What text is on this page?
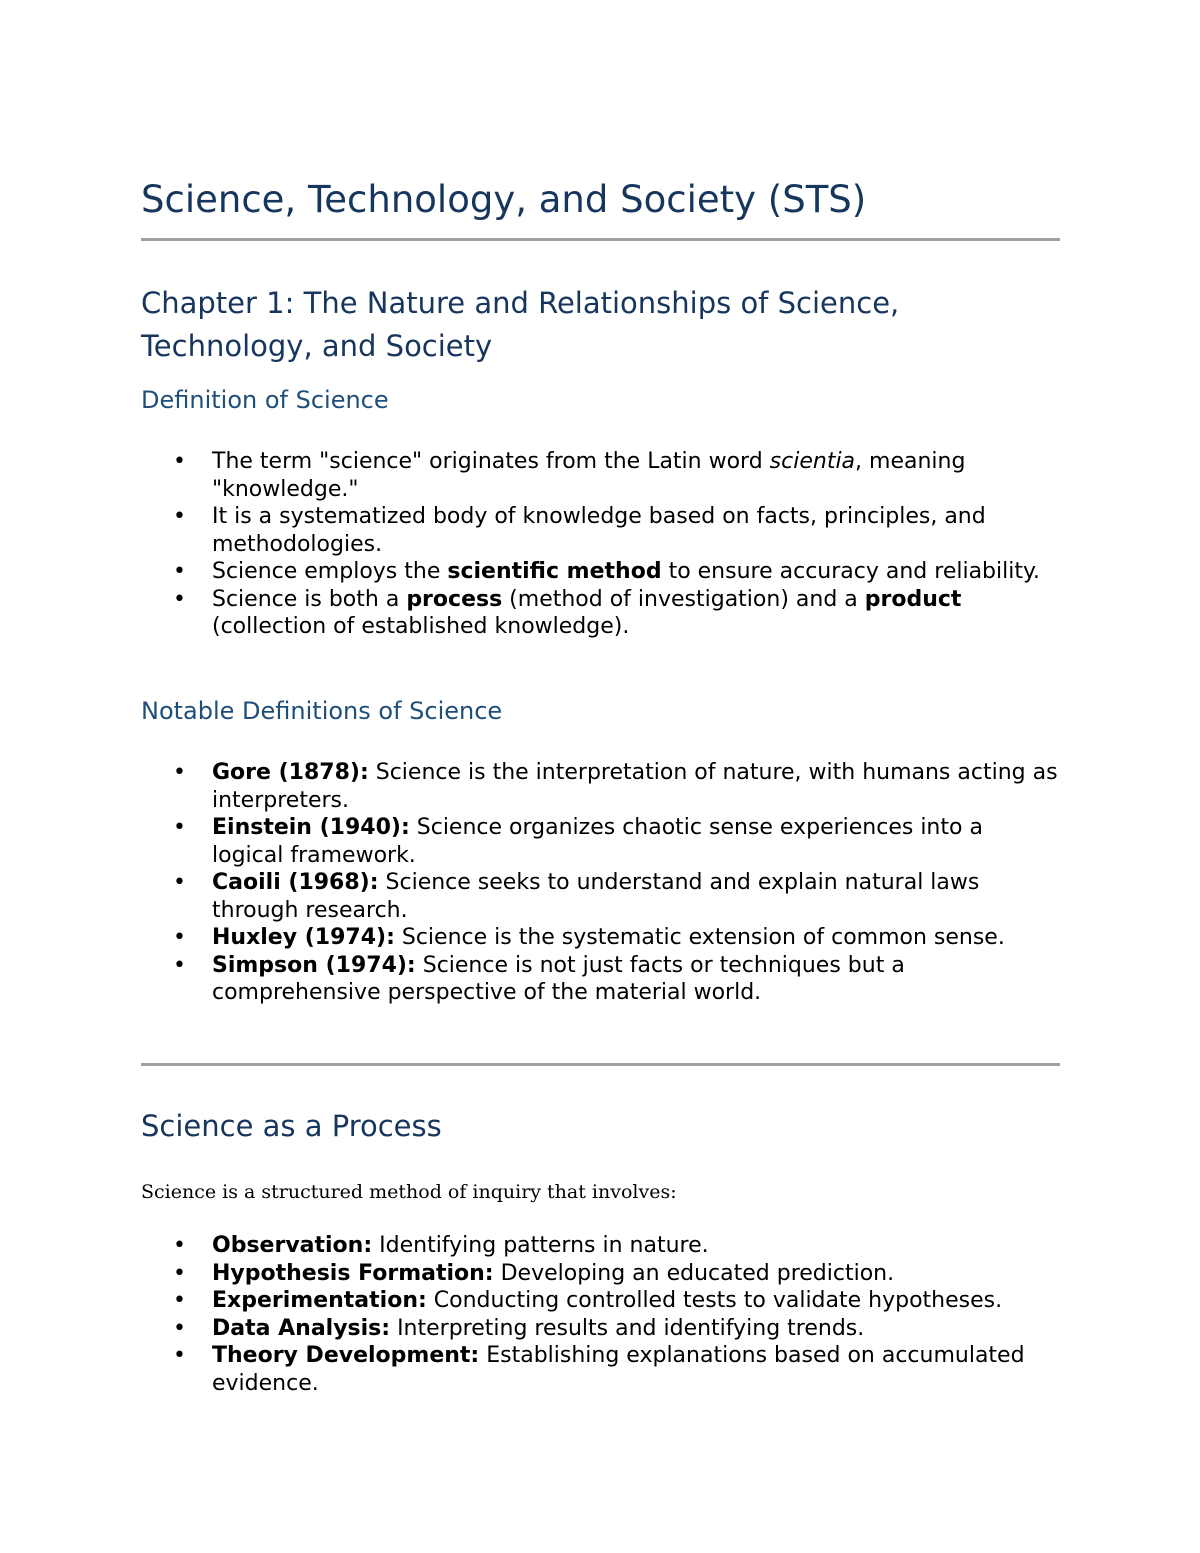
Science, Technology, and Society (STS)
Chapter 1: The Nature and Relationships of Science, Technology, and Society
Definition of Science
• The term "science" originates from the Latin word scientia, meaning "knowledge."
• It is a systematized body of knowledge based on facts, principles, and methodologies.
• Science employs the scientific method to ensure accuracy and reliability.
• Science is both a process (method of investigation) and a product (collection of established knowledge).
Notable Definitions of Science
• Gore (1878): Science is the interpretation of nature, with humans acting as interpreters.
• Einstein (1940): Science organizes chaotic sense experiences into a logical framework.
• Caoili (1968): Science seeks to understand and explain natural laws through research.
• Huxley (1974): Science is the systematic extension of common sense.
• Simpson (1974): Science is not just facts or techniques but a comprehensive perspective of the material world.
Science as a Process

Science is a structured method of inquiry that involves:

• Observation: Identifying patterns in nature.
• Hypothesis Formation: Developing an educated prediction.
• Experimentation: Conducting controlled tests to validate hypotheses.
• Data Analysis: Interpreting results and identifying trends.
• Theory Development: Establishing explanations based on accumulated evidence.
